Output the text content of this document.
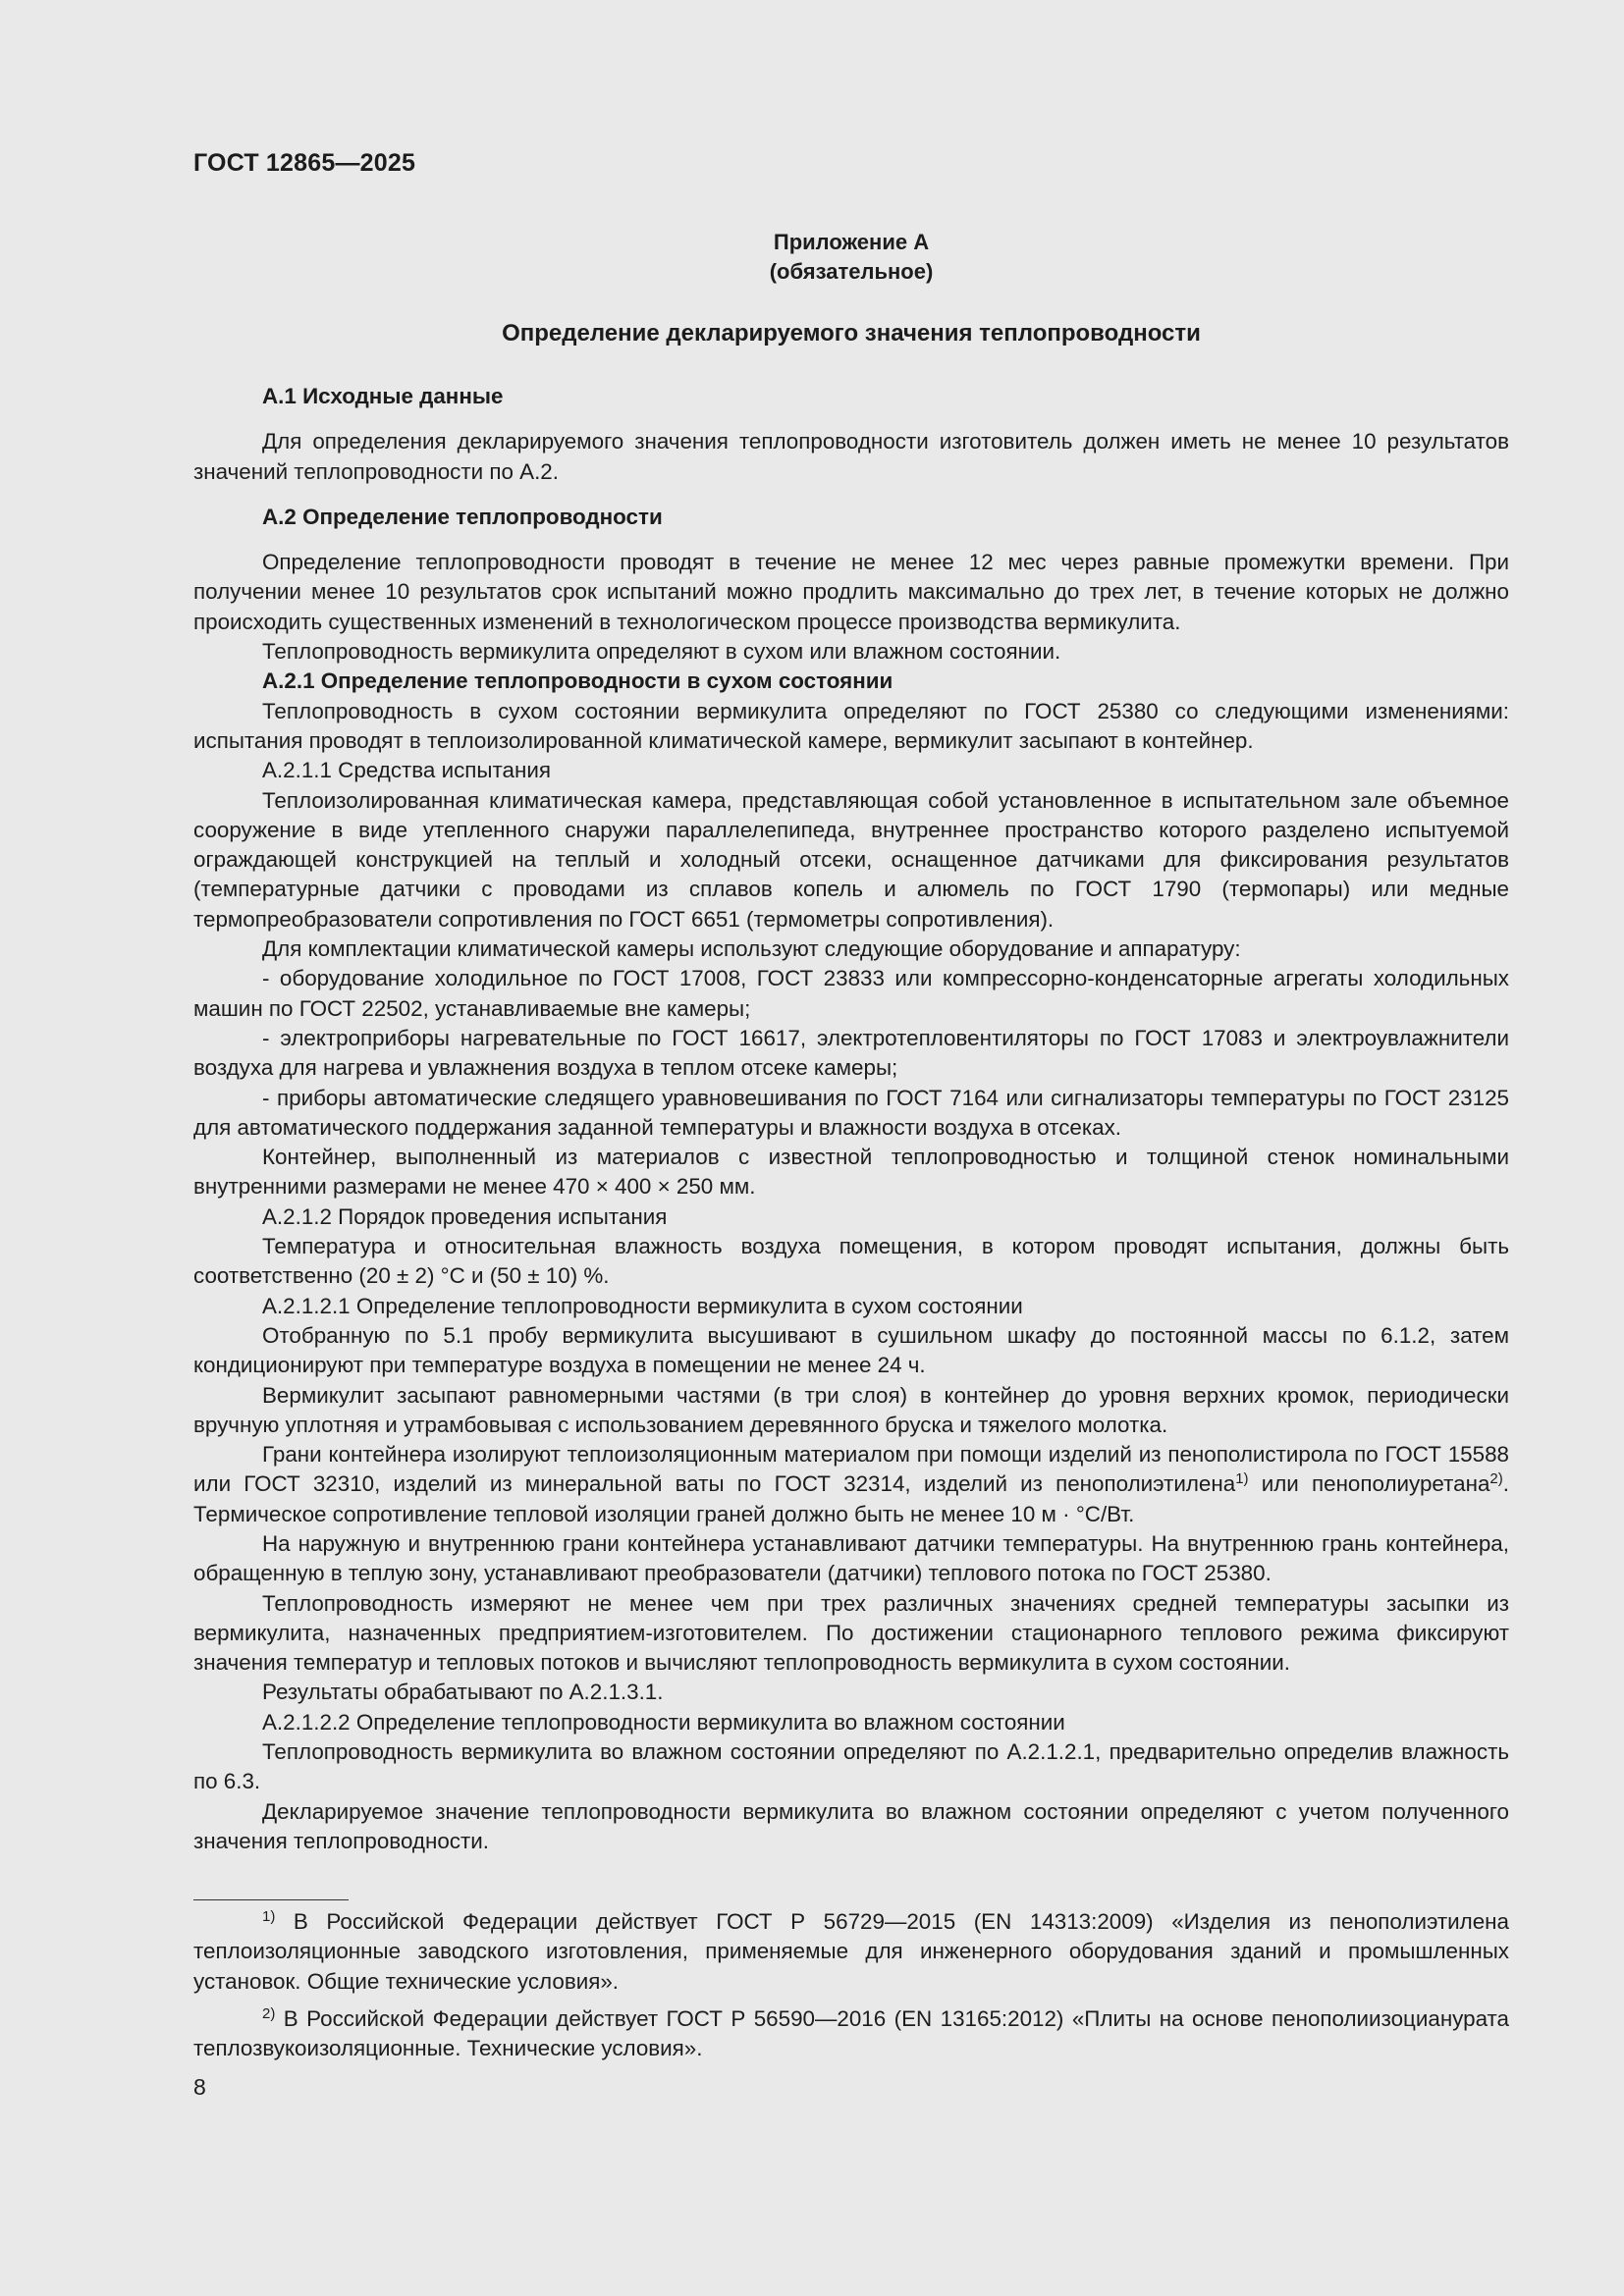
ГОСТ 12865—2025
Приложение А
(обязательное)
Определение декларируемого значения теплопроводности

А.1 Исходные данные

Для определения декларируемого значения теплопроводности изготовитель должен иметь не менее 10 результатов значений теплопроводности по А.2.

А.2 Определение теплопроводности

Определение теплопроводности проводят в течение не менее 12 мес через равные промежутки времени. При получении менее 10 результатов срок испытаний можно продлить максимально до трех лет, в течение которых не должно происходить существенных изменений в технологическом процессе производства вермикулита.

Теплопроводность вермикулита определяют в сухом или влажном состоянии.

А.2.1 Определение теплопроводности в сухом состоянии

Теплопроводность в сухом состоянии вермикулита определяют по ГОСТ 25380 со следующими изменениями: испытания проводят в теплоизолированной климатической камере, вермикулит засыпают в контейнер.

А.2.1.1 Средства испытания

Теплоизолированная климатическая камера, представляющая собой установленное в испытательном зале объемное сооружение в виде утепленного снаружи параллелепипеда, внутреннее пространство которого разделено испытуемой ограждающей конструкцией на теплый и холодный отсеки, оснащенное датчиками для фиксирования результатов (температурные датчики с проводами из сплавов копель и алюмель по ГОСТ 1790 (термопары) или медные термопреобразователи сопротивления по ГОСТ 6651 (термометры сопротивления).

Для комплектации климатической камеры используют следующие оборудование и аппаратуру:

- оборудование холодильное по ГОСТ 17008, ГОСТ 23833 или компрессорно-конденсаторные агрегаты холодильных машин по ГОСТ 22502, устанавливаемые вне камеры;

- электроприборы нагревательные по ГОСТ 16617, электротепловентиляторы по ГОСТ 17083 и электроувлажнители воздуха для нагрева и увлажнения воздуха в теплом отсеке камеры;

- приборы автоматические следящего уравновешивания по ГОСТ 7164 или сигнализаторы температуры по ГОСТ 23125 для автоматического поддержания заданной температуры и влажности воздуха в отсеках.

Контейнер, выполненный из материалов с известной теплопроводностью и толщиной стенок номинальными внутренними размерами не менее 470 × 400 × 250 мм.

А.2.1.2 Порядок проведения испытания

Температура и относительная влажность воздуха помещения, в котором проводят испытания, должны быть соответственно (20 ± 2) °С и (50 ± 10) %.

А.2.1.2.1 Определение теплопроводности вермикулита в сухом состоянии

Отобранную по 5.1 пробу вермикулита высушивают в сушильном шкафу до постоянной массы по 6.1.2, затем кондиционируют при температуре воздуха в помещении не менее 24 ч.

Вермикулит засыпают равномерными частями (в три слоя) в контейнер до уровня верхних кромок, периодически вручную уплотняя и утрамбовывая с использованием деревянного бруска и тяжелого молотка.

Грани контейнера изолируют теплоизоляционным материалом при помощи изделий из пенополистирола по ГОСТ 15588 или ГОСТ 32310, изделий из минеральной ваты по ГОСТ 32314, изделий из пенополиэтилена$^{1)}$ или пенополиуретана$^{2)}$. Термическое сопротивление тепловой изоляции граней должно быть не менее 10 м · °С/Вт.

На наружную и внутреннюю грани контейнера устанавливают датчики температуры. На внутреннюю грань контейнера, обращенную в теплую зону, устанавливают преобразователи (датчики) теплового потока по ГОСТ 25380.

Теплопроводность измеряют не менее чем при трех различных значениях средней температуры засыпки из вермикулита, назначенных предприятием-изготовителем. По достижении стационарного теплового режима фиксируют значения температур и тепловых потоков и вычисляют теплопроводность вермикулита в сухом состоянии.

Результаты обрабатывают по А.2.1.3.1.

А.2.1.2.2 Определение теплопроводности вермикулита во влажном состоянии

Теплопроводность вермикулита во влажном состоянии определяют по А.2.1.2.1, предварительно определив влажность по 6.3.

Декларируемое значение теплопроводности вермикулита во влажном состоянии определяют с учетом полученного значения теплопроводности.

$^{1)}$ В Российской Федерации действует ГОСТ Р 56729—2015 (EN 14313:2009) «Изделия из пенополиэтилена теплоизоляционные заводского изготовления, применяемые для инженерного оборудования зданий и промышленных установок. Общие технические условия».

$^{2)}$ В Российской Федерации действует ГОСТ Р 56590—2016 (EN 13165:2012) «Плиты на основе пенополиизоцианурата теплозвукоизоляционные. Технические условия».

8
